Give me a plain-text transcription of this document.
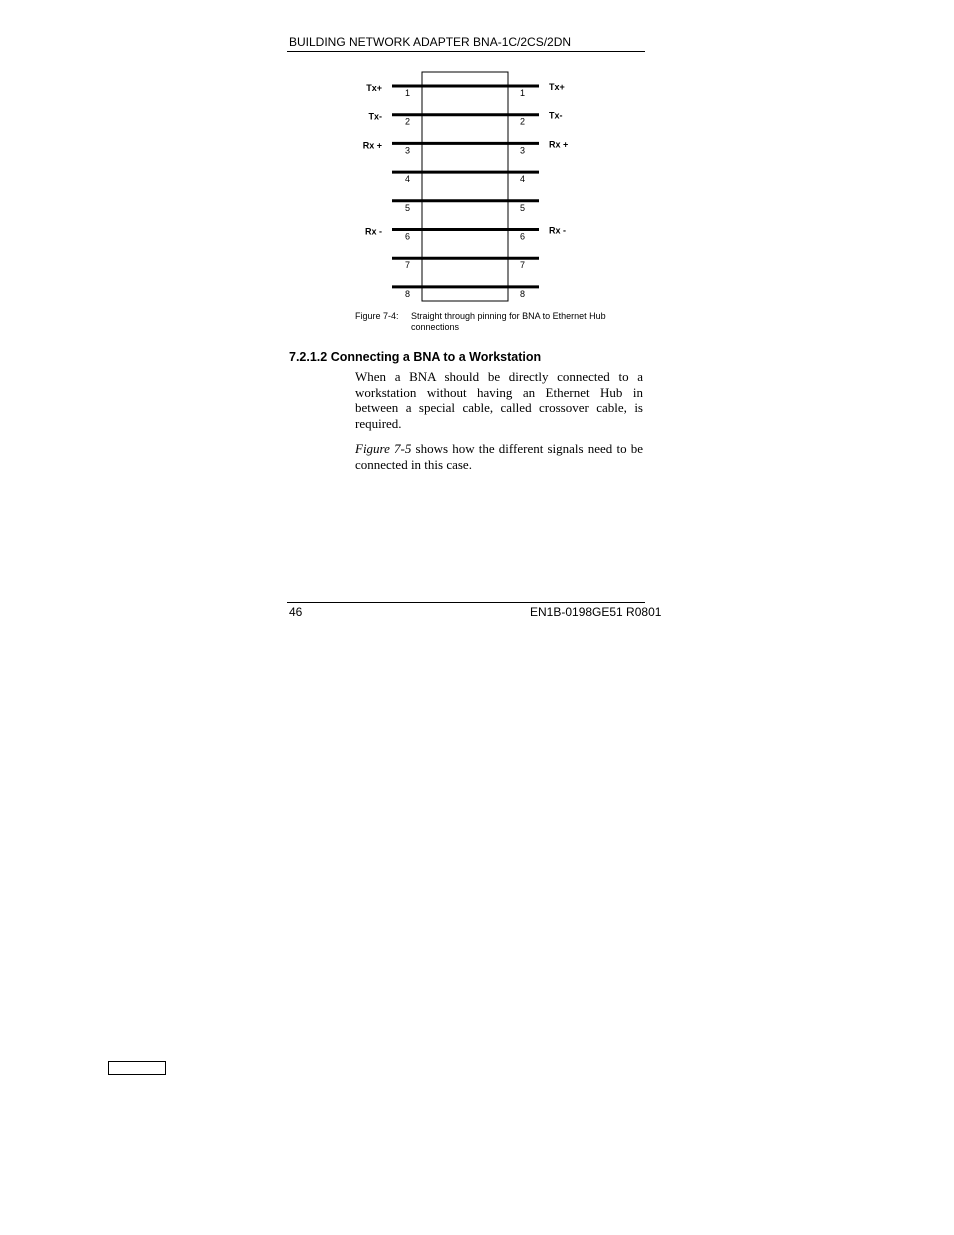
BUILDING NETWORK ADAPTER BNA-1C/2CS/2DN
1	1
Tx+	Tx+
2	2
Tx-	Tx-
3	3
Rx +	Rx +
4	4
5	5
6	6
Rx -	Rx -
7	7
8	8
Figure 7-4: Straight through pinning for BNA to Ethernet Hub connections
7.2.1.2 Connecting a BNA to a Workstation
When a BNA should be directly connected to a workstation without having an Ethernet Hub in between a special cable, called crossover cable, is required.
Figure 7-5 shows how the different signals need to be connected in this case.
46	EN1B-0198GE51 R0801
